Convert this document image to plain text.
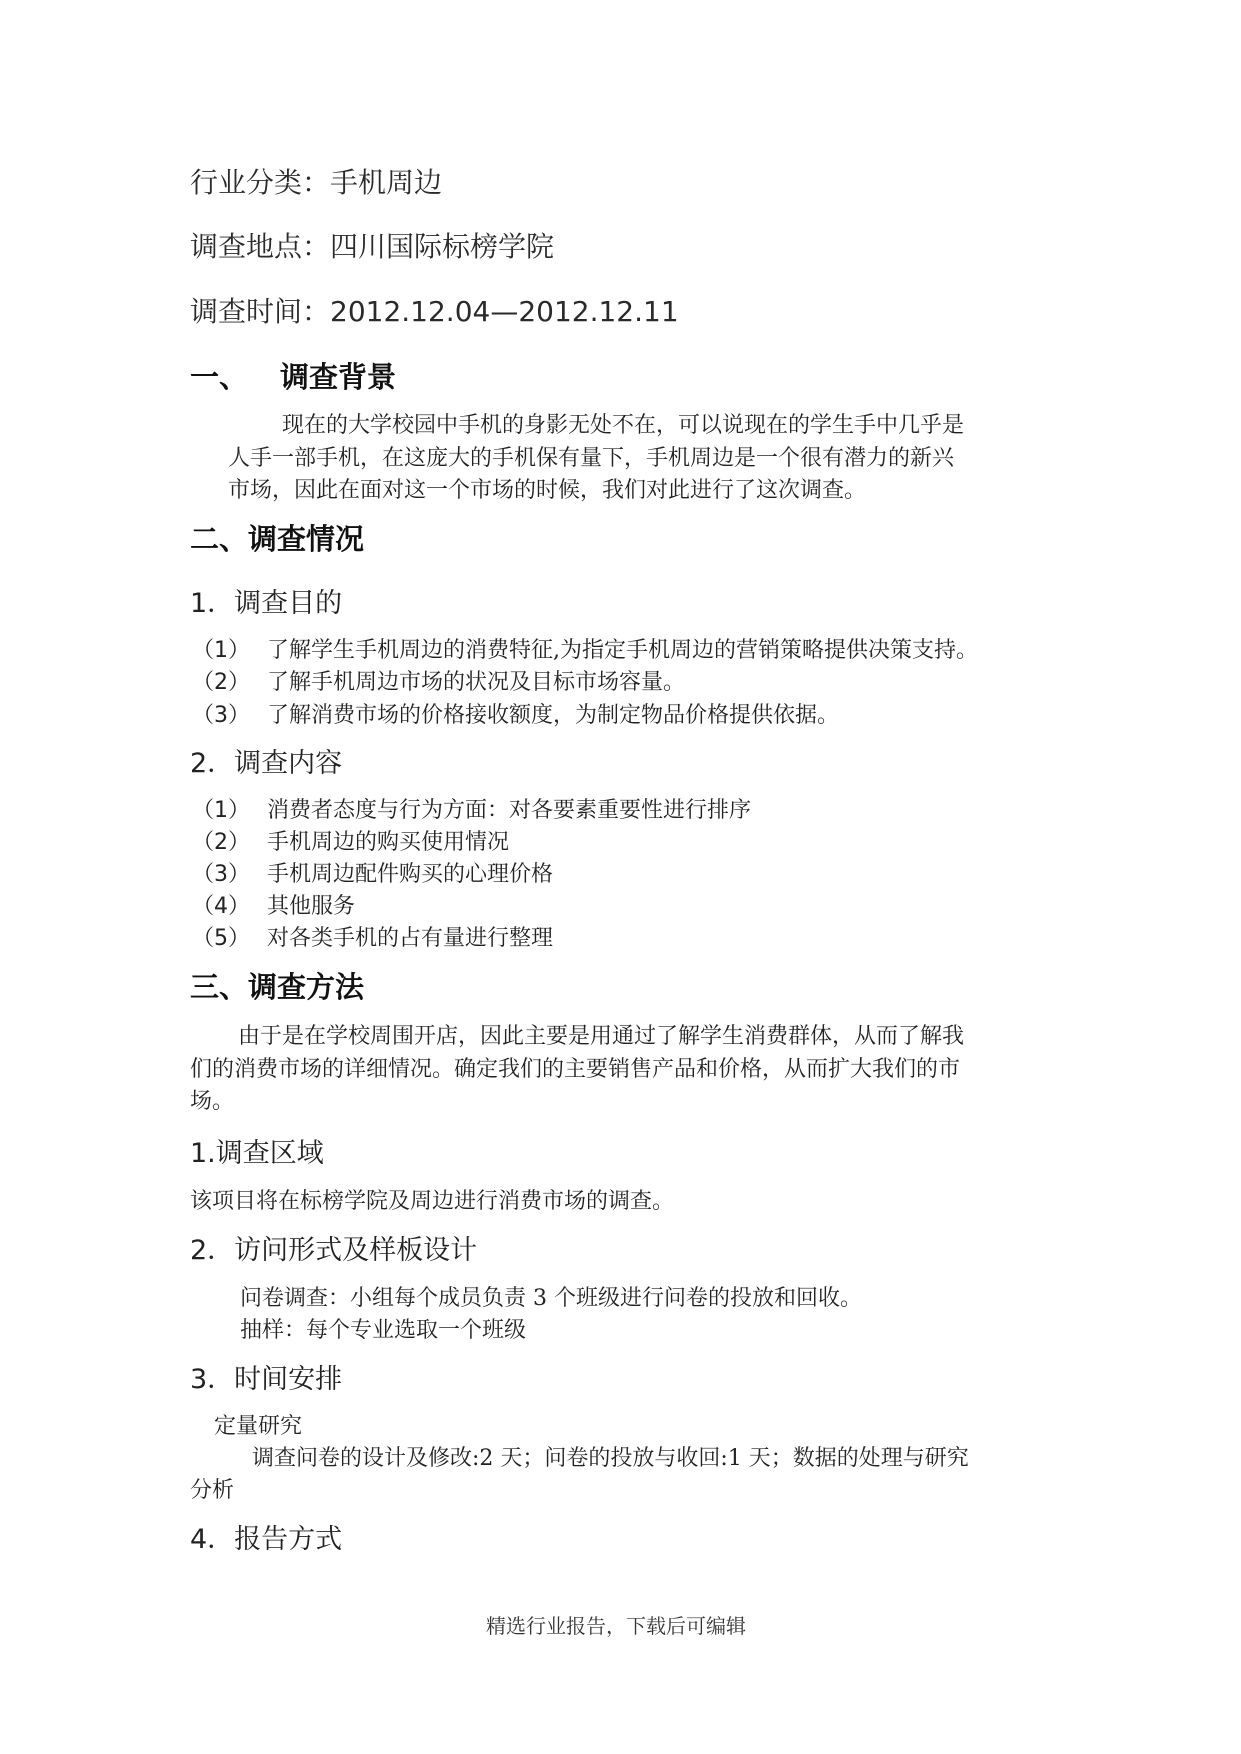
行业分类：手机周边
调查地点：四川国际标榜学院
调查时间：2012.12.04—2012.12.11
一、 调查背景
现在的大学校园中手机的身影无处不在，可以说现在的学生手中几乎是
人手一部手机，在这庞大的手机保有量下，手机周边是一个很有潜力的新兴
市场，因此在面对这一个市场的时候，我们对此进行了这次调查。
二、调查情况
1．调查目的
（1） 了解学生手机周边的消费特征,为指定手机周边的营销策略提供决策支持。
（2） 了解手机周边市场的状况及目标市场容量。
（3） 了解消费市场的价格接收额度，为制定物品价格提供依据。
2．调查内容
（1） 消费者态度与行为方面：对各要素重要性进行排序
（2） 手机周边的购买使用情况
（3） 手机周边配件购买的心理价格
（4） 其他服务
（5） 对各类手机的占有量进行整理
三、调查方法
由于是在学校周围开店，因此主要是用通过了解学生消费群体，从而了解我
们的消费市场的详细情况。确定我们的主要销售产品和价格，从而扩大我们的市
场。
1.调查区域
该项目将在标榜学院及周边进行消费市场的调查。
2．访问形式及样板设计
问卷调查：小组每个成员负责 3 个班级进行问卷的投放和回收。
抽样：每个专业选取一个班级
3．时间安排
定量研究
调查问卷的设计及修改:2 天；问卷的投放与收回:1 天；数据的处理与研究
分析
4．报告方式
精选行业报告，下载后可编辑
